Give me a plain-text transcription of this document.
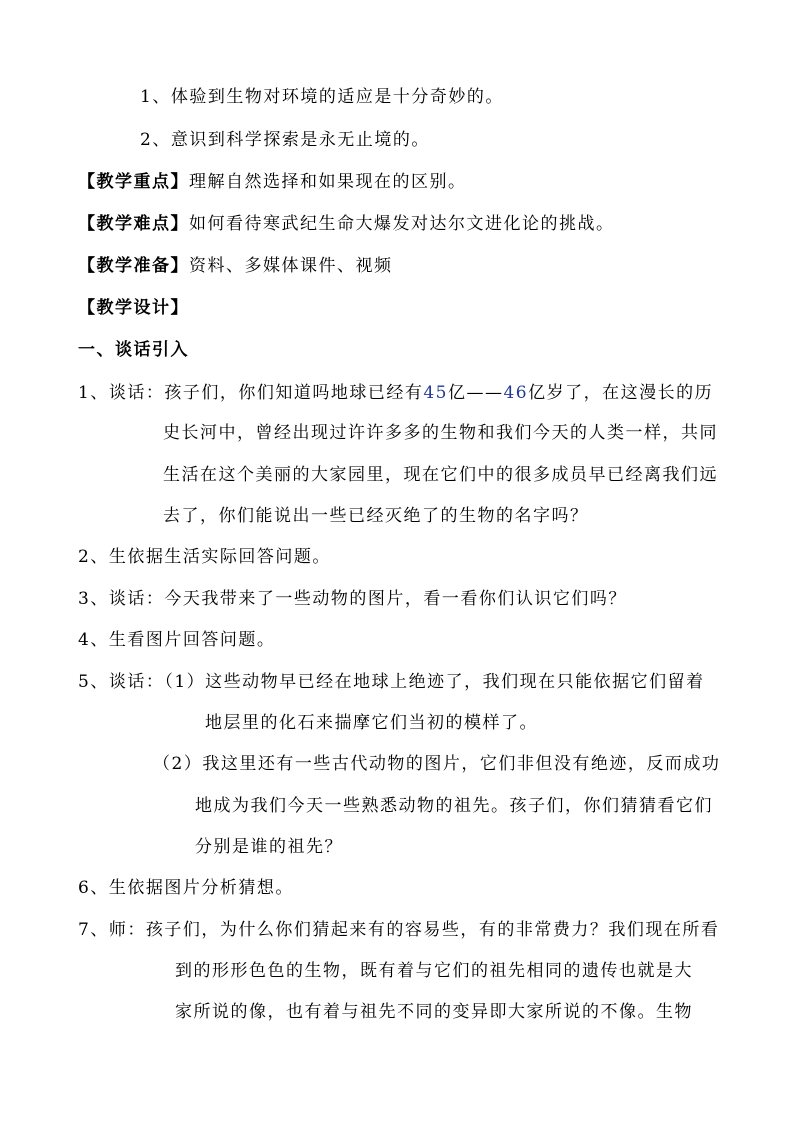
1、体验到生物对环境的适应是十分奇妙的。
2、意识到科学探索是永无止境的。
【教学重点】理解自然选择和如果现在的区别。
【教学难点】如何看待寒武纪生命大爆发对达尔文进化论的挑战。
【教学准备】资料、多媒体课件、视频
【教学设计】
一、谈话引入
1、谈话：孩子们，你们知道吗地球已经有45亿——46亿岁了，在这漫长的历
史长河中，曾经出现过许许多多的生物和我们今天的人类一样，共同
生活在这个美丽的大家园里，现在它们中的很多成员早已经离我们远
去了，你们能说出一些已经灭绝了的生物的名字吗？
2、生依据生活实际回答问题。
3、谈话：今天我带来了一些动物的图片，看一看你们认识它们吗？
4、生看图片回答问题。
5、谈话：（1）这些动物早已经在地球上绝迹了，我们现在只能依据它们留着
地层里的化石来揣摩它们当初的模样了。
（2）我这里还有一些古代动物的图片，它们非但没有绝迹，反而成功
地成为我们今天一些熟悉动物的祖先。孩子们，你们猜猜看它们
分别是谁的祖先？
6、生依据图片分析猜想。
7、师：孩子们，为什么你们猜起来有的容易些，有的非常费力？我们现在所看
到的形形色色的生物，既有着与它们的祖先相同的遗传也就是大
家所说的像，也有着与祖先不同的变异即大家所说的不像。生物
